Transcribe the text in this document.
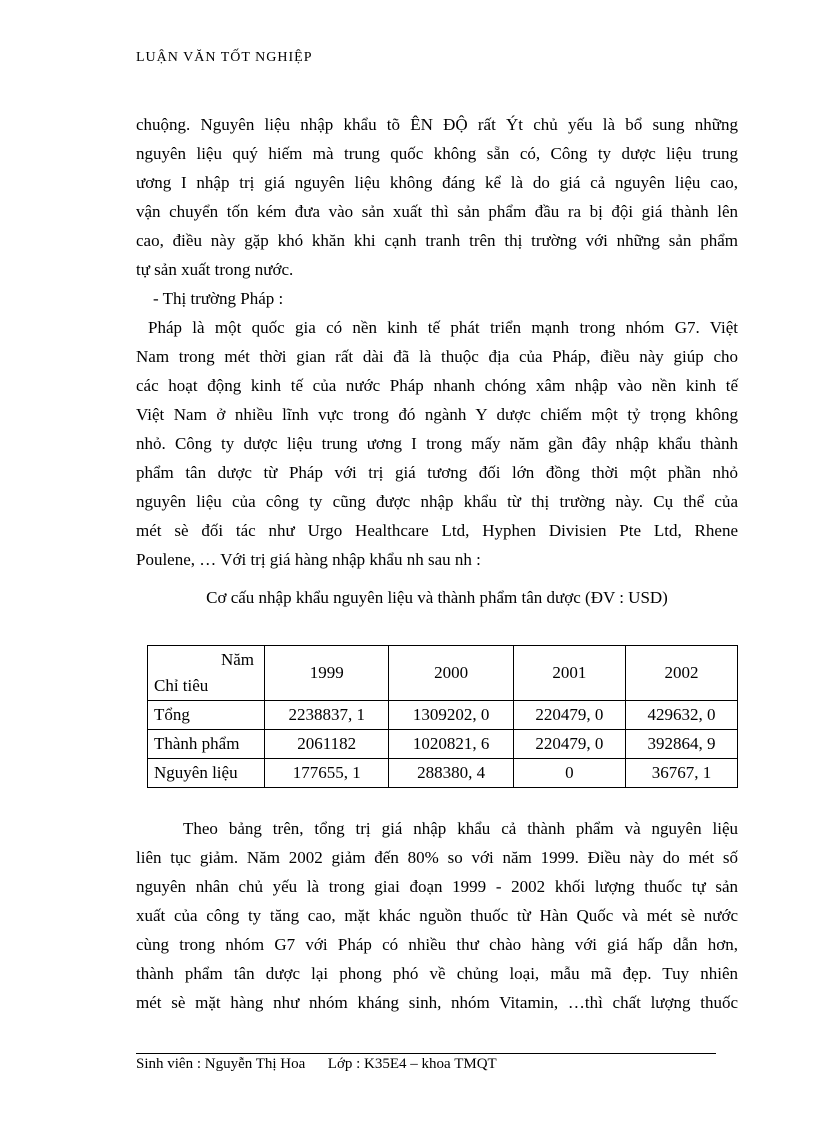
LUẬN VĂN TỐT NGHIỆP

chuộng. Nguyên liệu nhập khẩu tõ ÊN ĐỘ rất Ýt chủ yếu là bổ sung những

nguyên liệu quý hiếm mà trung quốc không sẵn có, Công ty dược liệu trung

ương I nhập trị giá nguyên liệu không đáng kể là do giá cả nguyên liệu cao,

vận chuyển tốn kém đưa vào sản xuất thì sản phẩm đầu ra bị đội giá thành lên

cao, điều này gặp khó khăn khi cạnh tranh trên thị trường với những sản phẩm

tự sản xuất trong nước.

- Thị trường Pháp :

Pháp là một quốc gia có nền kinh tế phát triển mạnh trong nhóm G7. Việt

Nam trong mét thời gian rất dài đã là thuộc địa của Pháp, điều này giúp cho

các hoạt động kinh tế của nước Pháp nhanh chóng xâm nhập vào nền kinh tế

Việt Nam ở nhiều lĩnh vực trong đó ngành Y dược chiếm một tỷ trọng không

nhỏ. Công ty dược liệu trung ương I trong mấy năm gần đây nhập khẩu thành

phẩm tân dược từ Pháp với trị giá tương đối lớn đồng thời một phần nhỏ

nguyên liệu của công ty cũng được nhập khẩu từ thị trường này. Cụ thể của

mét sè đối tác như Urgo Healthcare Ltd, Hyphen Divisien Pte Ltd, Rhene

Poulene, … Với trị giá hàng nhập khẩu nh sau nh :

Cơ cấu nhập khẩu nguyên liệu và thành phẩm tân dược (ĐV : USD)
Năm
Chỉ tiêu	1999	2000	2001	2002
Tổng	2238837, 1	1309202, 0	220479, 0	429632, 0
Thành phẩm	2061182	1020821, 6	220479, 0	392864, 9
Nguyên liệu	177655, 1	288380, 4	0	36767, 1

Theo bảng trên, tổng trị giá nhập khẩu cả thành phẩm và nguyên liệu

liên tục giảm. Năm 2002 giảm đến 80% so với năm 1999. Điều này do mét số

nguyên nhân chủ yếu là trong giai đoạn 1999 - 2002 khối lượng thuốc tự sản

xuất của công ty tăng cao, mặt khác nguồn thuốc từ Hàn Quốc và mét sè nước

cùng trong nhóm G7 với Pháp có nhiều thư chào hàng với giá hấp dẫn hơn,

thành phẩm tân dược lại phong phó về chủng loại, mẫu mã đẹp. Tuy nhiên

mét sè mặt hàng như nhóm kháng sinh, nhóm Vitamin, …thì chất lượng thuốc

Sinh viên : Nguyễn Thị Hoa Lớp : K35E4 – khoa TMQT
